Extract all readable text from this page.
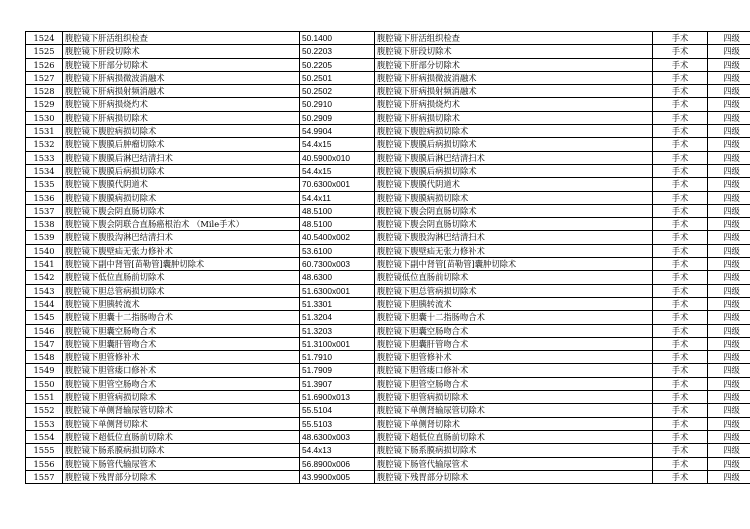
1524	腹腔镜下肝活组织检查	50.1400	腹腔镜下肝活组织检查	手术	四级
1525	腹腔镜下肝段切除术	50.2203	腹腔镜下肝段切除术	手术	四级
1526	腹腔镜下肝部分切除术	50.2205	腹腔镜下肝部分切除术	手术	四级
1527	腹腔镜下肝病损微波消融术	50.2501	腹腔镜下肝病损微波消融术	手术	四级
1528	腹腔镜下肝病损射频消融术	50.2502	腹腔镜下肝病损射频消融术	手术	四级
1529	腹腔镜下肝病损烧灼术	50.2910	腹腔镜下肝病损烧灼术	手术	四级
1530	腹腔镜下肝病损切除术	50.2909	腹腔镜下肝病损切除术	手术	四级
1531	腹腔镜下腹腔病损切除术	54.9904	腹腔镜下腹腔病损切除术	手术	四级
1532	腹腔镜下腹膜后肿瘤切除术	54.4x15	腹腔镜下腹膜后病损切除术	手术	四级
1533	腹腔镜下腹膜后淋巴结清扫术	40.5900x010	腹腔镜下腹膜后淋巴结清扫术	手术	四级
1534	腹腔镜下腹膜后病损切除术	54.4x15	腹腔镜下腹膜后病损切除术	手术	四级
1535	腹腔镜下腹膜代阴道术	70.6300x001	腹腔镜下腹膜代阴道术	手术	四级
1536	腹腔镜下腹膜病损切除术	54.4x11	腹腔镜下腹膜病损切除术	手术	四级
1537	腹腔镜下腹会阴直肠切除术	48.5100	腹腔镜下腹会阴直肠切除术	手术	四级
1538	腹腔镜下腹会阴联合直肠癌根治术 （Mile手术）	48.5100	腹腔镜下腹会阴直肠切除术	手术	四级
1539	腹腔镜下腹股沟淋巴结清扫术	40.5400x002	腹腔镜下腹股沟淋巴结清扫术	手术	四级
1540	腹腔镜下腹壁疝无张力修补术	53.6100	腹腔镜下腹壁疝无张力修补术	手术	四级
1541	腹腔镜下副中肾管[苗勒管]囊肿切除术	60.7300x003	腹腔镜下副中肾管[苗勒管]囊肿切除术	手术	四级
1542	腹腔镜下低位直肠前切除术	48.6300	腹腔镜低位直肠前切除术	手术	四级
1543	腹腔镜下胆总管病损切除术	51.6300x001	腹腔镜下胆总管病损切除术	手术	四级
1544	腹腔镜下胆胰转流术	51.3301	腹腔镜下胆胰转流术	手术	四级
1545	腹腔镜下胆囊十二指肠吻合术	51.3204	腹腔镜下胆囊十二指肠吻合术	手术	四级
1546	腹腔镜下胆囊空肠吻合术	51.3203	腹腔镜下胆囊空肠吻合术	手术	四级
1547	腹腔镜下胆囊肝管吻合术	51.3100x001	腹腔镜下胆囊肝管吻合术	手术	四级
1548	腹腔镜下胆管修补术	51.7910	腹腔镜下胆管修补术	手术	四级
1549	腹腔镜下胆管瘘口修补术	51.7909	腹腔镜下胆管瘘口修补术	手术	四级
1550	腹腔镜下胆管空肠吻合术	51.3907	腹腔镜下胆管空肠吻合术	手术	四级
1551	腹腔镜下胆管病损切除术	51.6900x013	腹腔镜下胆管病损切除术	手术	四级
1552	腹腔镜下单侧肾输尿管切除术	55.5104	腹腔镜下单侧肾输尿管切除术	手术	四级
1553	腹腔镜下单侧肾切除术	55.5103	腹腔镜下单侧肾切除术	手术	四级
1554	腹腔镜下超低位直肠前切除术	48.6300x003	腹腔镜下超低位直肠前切除术	手术	四级
1555	腹腔镜下肠系膜病损切除术	54.4x13	腹腔镜下肠系膜病损切除术	手术	四级
1556	腹腔镜下肠管代输尿管术	56.8900x006	腹腔镜下肠管代输尿管术	手术	四级
1557	腹腔镜下残胃部分切除术	43.9900x005	腹腔镜下残胃部分切除术	手术	四级
